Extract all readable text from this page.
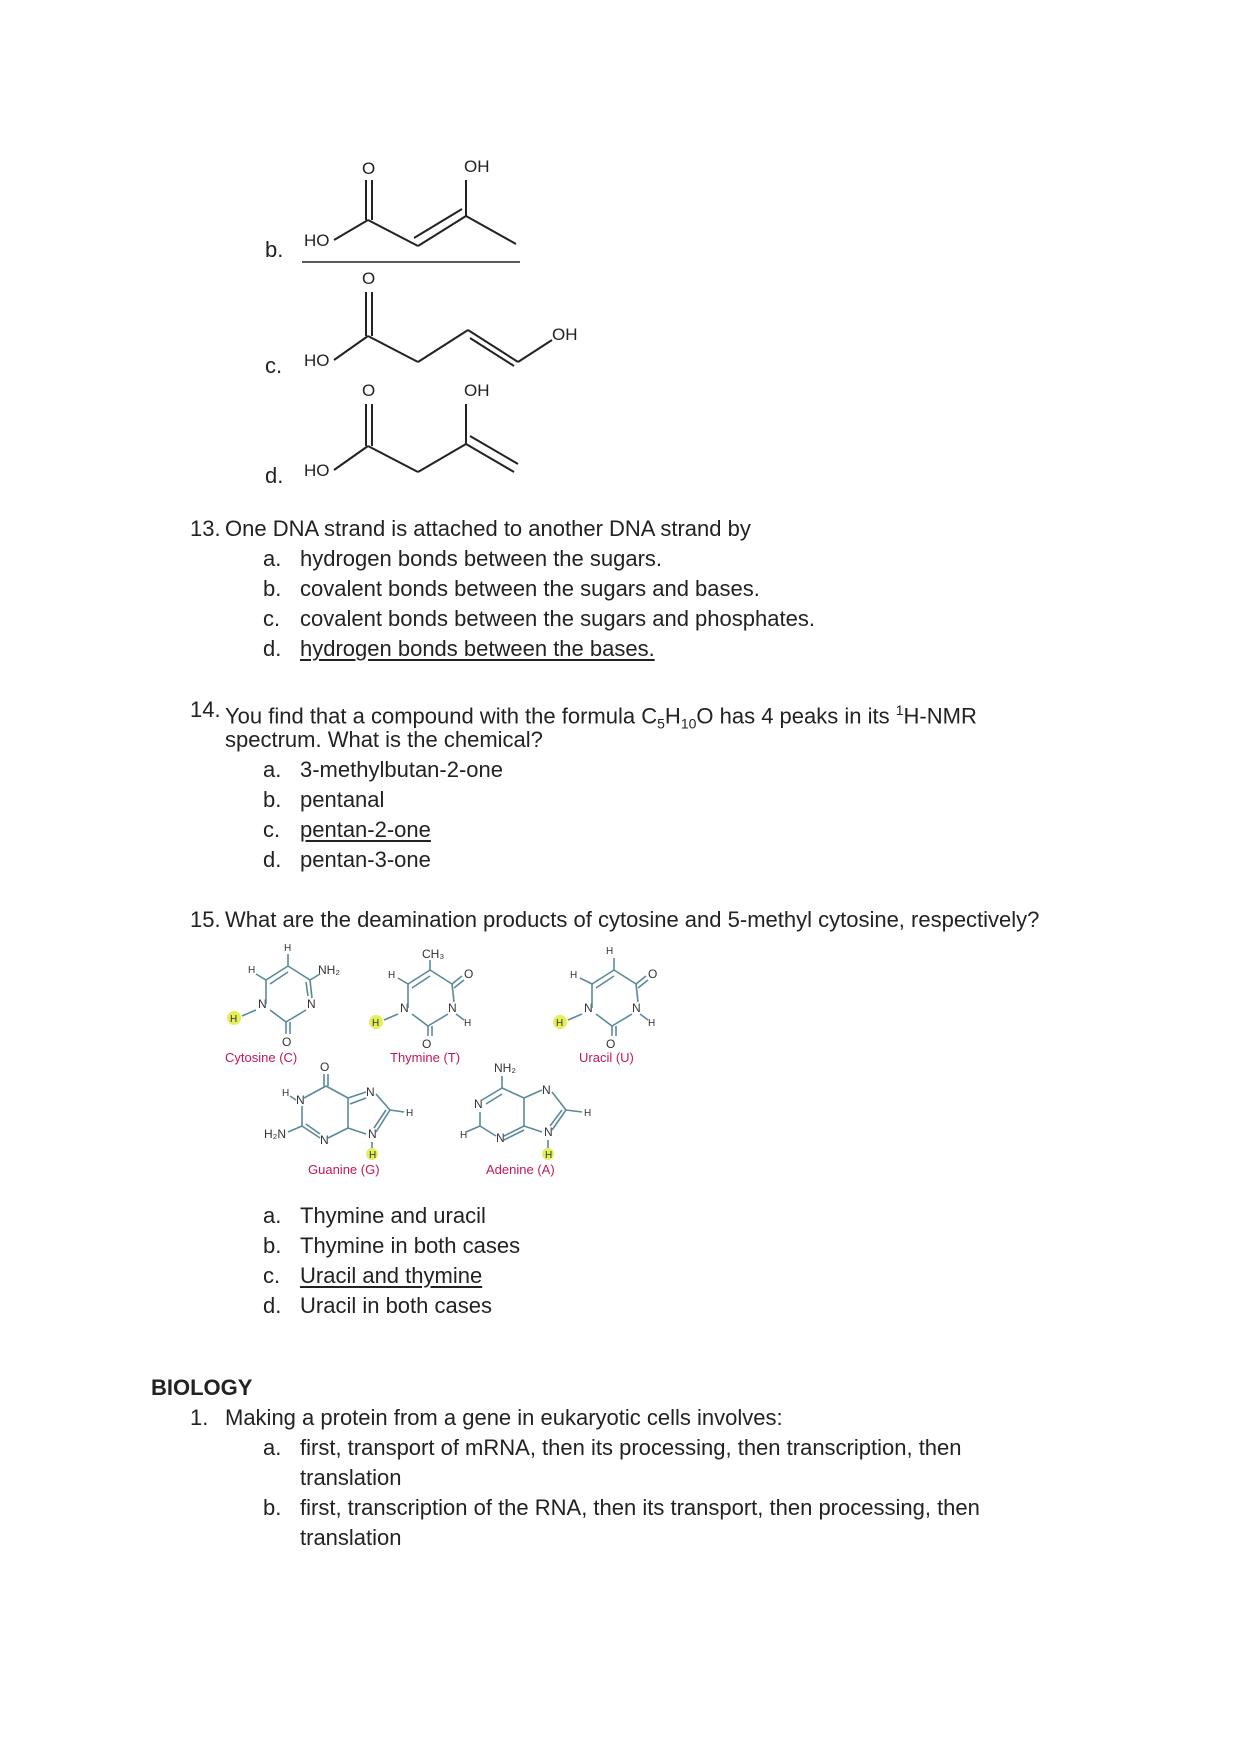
b. HO
O	OH
c. HO
O
OH
d. HO
O	OH
13. One DNA strand is attached to another DNA strand by
a. hydrogen bonds between the sugars.
b. covalent bonds between the sugars and bases.
c. covalent bonds between the sugars and phosphates.
d. hydrogen bonds between the bases.
14. You find that a compound with the formula $C_5H_{10}O$ has 4 peaks in its $^1$H-NMR
spectrum. What is the chemical?
a. 3-methylbutan-2-one
b. pentanal
c. pentan-2-one
d. pentan-3-one
15. What are the deamination products of cytosine and 5-methyl cytosine, respectively?
H
N	N
O
H
H
NH₂
Cytosine (C)
H
N	N
O
O
H
H
CH₃
Thymine (T)
H
N	N
O
O
H
H
H
Uracil (U)
O
H N
H₂N	N
N
N
H
H
Guanine (G)
NH₂
N
H N
N
N
H
H
Adenine (A)
a. Thymine and uracil
b. Thymine in both cases
c. Uracil and thymine
d. Uracil in both cases
BIOLOGY
1. Making a protein from a gene in eukaryotic cells involves:
a. first, transport of mRNA, then its processing, then transcription, then
translation
b. first, transcription of the RNA, then its transport, then processing, then
translation
